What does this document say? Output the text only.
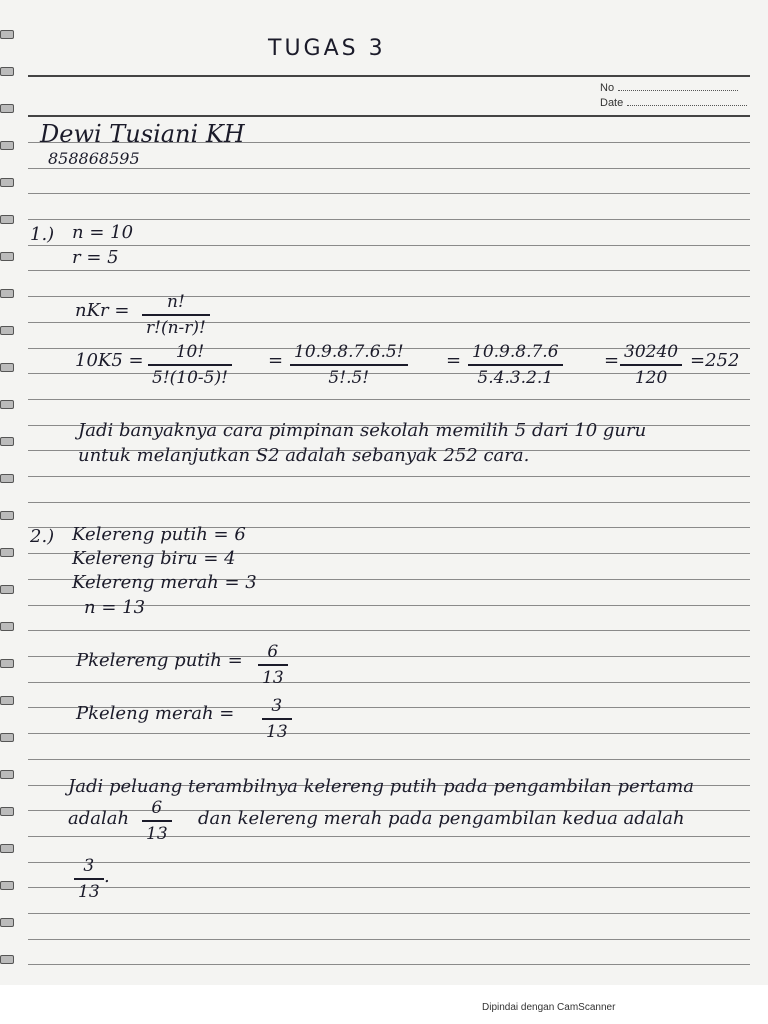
TUGAS 3
No
Date
Dewi Tusiani KH
858868595
1.) n = 10
r = 5
nKr =	n!
r!(n-r)!
10K5 =	10!
5!(10-5)!
= 10.9.8.7.6.5!
5!.5!
= 10.9.8.7.6
5.4.3.2.1
= 30240
120
=252
Jadi banyaknya cara pimpinan sekolah memilih 5 dari 10 guru
untuk melanjutkan S2 adalah sebanyak 252 cara.
2.) Kelereng putih = 6
Kelereng biru = 4
Kelereng merah = 3
n = 13
Pkelereng putih =	6
13
Pkeleng merah =	3
13
Jadi peluang terambilnya kelereng putih pada pengambilan pertama
adalah	6
13
dan kelereng merah pada pengambilan kedua adalah
3
13
.
Dipindai dengan CamScanner
